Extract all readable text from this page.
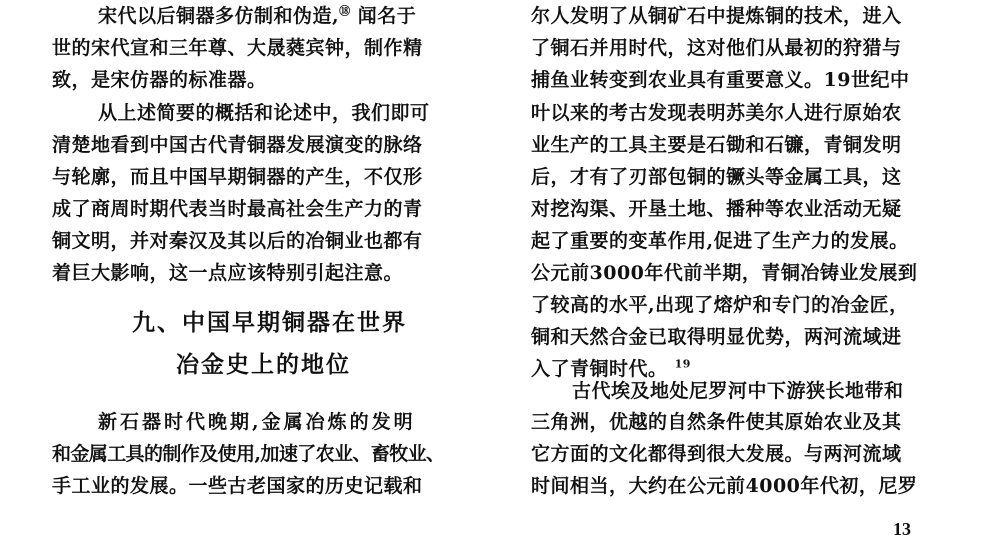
宋代以后铜器多仿制和伪造,⑱ 闻名于
世的宋代宣和三年尊、大晟蕤宾钟，制作精
致，是宋仿器的标准器。
从上述简要的概括和论述中，我们即可
清楚地看到中国古代青铜器发展演变的脉络
与轮廓，而且中国早期铜器的产生，不仅形
成了商周时期代表当时最高社会生产力的青
铜文明，并对秦汉及其以后的冶铜业也都有
着巨大影响，这一点应该特别引起注意。
九、中国早期铜器在世界
冶金史上的地位
新石器时代晚期,金属冶炼的发明
和金属工具的制作及使用,加速了农业、畜牧业、
手工业的发展。一些古老国家的历史记载和
尔人发明了从铜矿石中提炼铜的技术，进入
了铜石并用时代，这对他们从最初的狩猎与
捕鱼业转变到农业具有重要意义。19世纪中
叶以来的考古发现表明苏美尔人进行原始农
业生产的工具主要是石锄和石镰，青铜发明
后，才有了刃部包铜的镢头等金属工具，这
对挖沟渠、开垦土地、播种等农业活动无疑
起了重要的变革作用,促进了生产力的发展。
公元前3000年代前半期，青铜冶铸业发展到
了较高的水平,出现了熔炉和专门的冶金匠，
铜和天然合金已取得明显优势，两河流域进
入了青铜时代。 $^{19}$
古代埃及地处尼罗河中下游狭长地带和
三角洲，优越的自然条件使其原始农业及其
它方面的文化都得到很大发展。与两河流域
时间相当，大约在公元前4000年代初，尼罗
13
